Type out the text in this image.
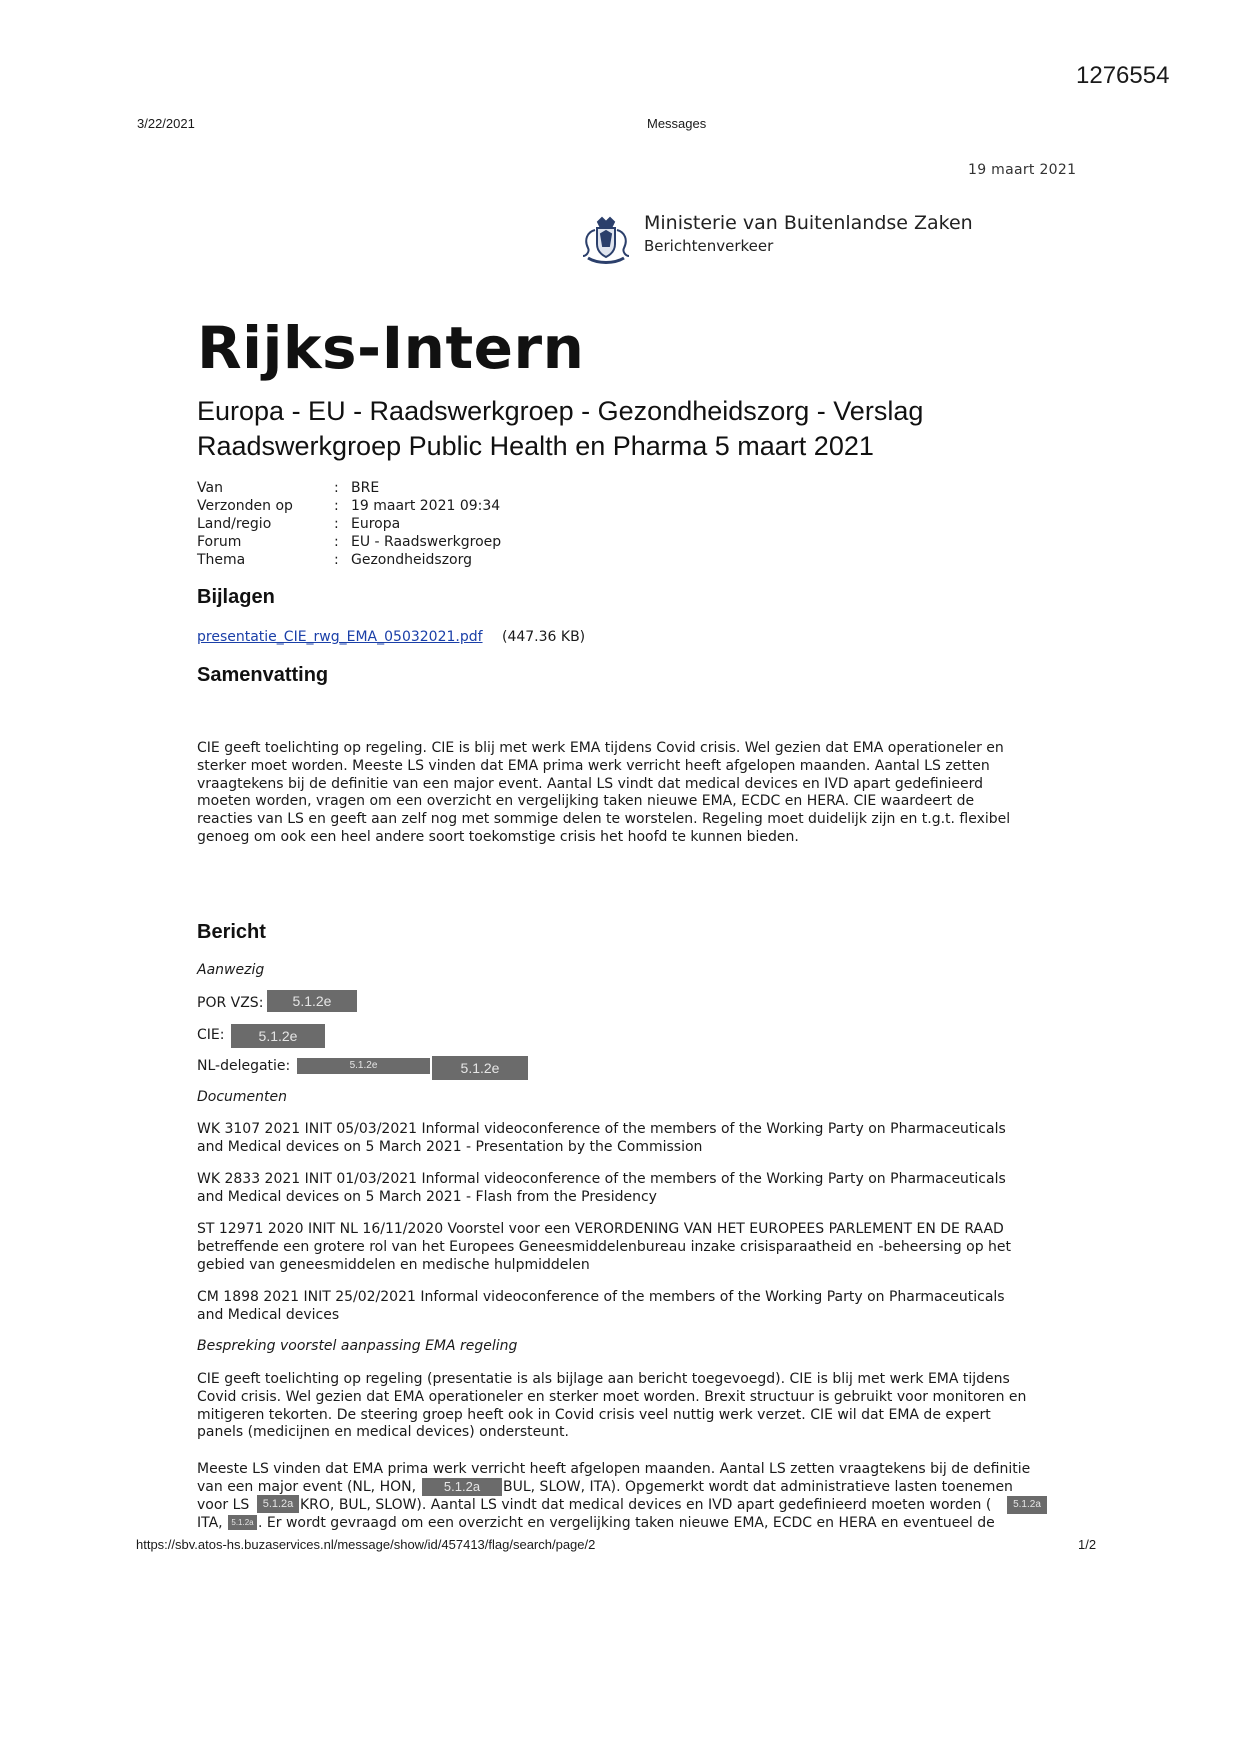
1276554
3/22/2021	Messages
19 maart 2021
Ministerie van Buitenlandse Zaken
Berichtenverkeer
Rijks-Intern
Europa - EU - Raadswerkgroep - Gezondheidszorg - Verslag
Raadswerkgroep Public Health en Pharma 5 maart 2021
Van	: BRE
Verzonden op	: 19 maart 2021 09:34
Land/regio	: Europa
Forum	: EU - Raadswerkgroep
Thema	: Gezondheidszorg
Bijlagen
presentatie_CIE_rwg_EMA_05032021.pdf (447.36 KB)
Samenvatting
CIE geeft toelichting op regeling. CIE is blij met werk EMA tijdens Covid crisis. Wel gezien dat EMA operationeler en
sterker moet worden. Meeste LS vinden dat EMA prima werk verricht heeft afgelopen maanden. Aantal LS zetten
vraagtekens bij de definitie van een major event. Aantal LS vindt dat medical devices en IVD apart gedefinieerd
moeten worden, vragen om een overzicht en vergelijking taken nieuwe EMA, ECDC en HERA. CIE waardeert de
reacties van LS en geeft aan zelf nog met sommige delen te worstelen. Regeling moet duidelijk zijn en t.g.t. flexibel
genoeg om ook een heel andere soort toekomstige crisis het hoofd te kunnen bieden.
Bericht
Aanwezig
POR VZS:	5.1.2e
CIE:	5.1.2e
NL-delegatie:	5.1.2e	5.1.2e
Documenten
WK 3107 2021 INIT 05/03/2021 Informal videoconference of the members of the Working Party on Pharmaceuticals
and Medical devices on 5 March 2021 - Presentation by the Commission
WK 2833 2021 INIT 01/03/2021 Informal videoconference of the members of the Working Party on Pharmaceuticals
and Medical devices on 5 March 2021 - Flash from the Presidency
ST 12971 2020 INIT NL 16/11/2020 Voorstel voor een VERORDENING VAN HET EUROPEES PARLEMENT EN DE RAAD
betreffende een grotere rol van het Europees Geneesmiddelenbureau inzake crisisparaatheid en -beheersing op het
gebied van geneesmiddelen en medische hulpmiddelen
CM 1898 2021 INIT 25/02/2021 Informal videoconference of the members of the Working Party on Pharmaceuticals
and Medical devices
Bespreking voorstel aanpassing EMA regeling
CIE geeft toelichting op regeling (presentatie is als bijlage aan bericht toegevoegd). CIE is blij met werk EMA tijdens
Covid crisis. Wel gezien dat EMA operationeler en sterker moet worden. Brexit structuur is gebruikt voor monitoren en
mitigeren tekorten. De steering groep heeft ook in Covid crisis veel nuttig werk verzet. CIE wil dat EMA de expert
panels (medicijnen en medical devices) ondersteunt.
Meeste LS vinden dat EMA prima werk verricht heeft afgelopen maanden. Aantal LS zetten vraagtekens bij de definitie
van een major event (NL, HON,	5.1.2a	BUL, SLOW, ITA). Opgemerkt wordt dat administratieve lasten toenemen
voor LS	5.1.2a KRO, BUL, SLOW). Aantal LS vindt dat medical devices en IVD apart gedefinieerd moeten worden (	5.1.2a
ITA,	5.1.2a . Er wordt gevraagd om een overzicht en vergelijking taken nieuwe EMA, ECDC en HERA en eventueel de
https://sbv.atos-hs.buzaservices.nl/message/show/id/457413/flag/search/page/2	1/2
